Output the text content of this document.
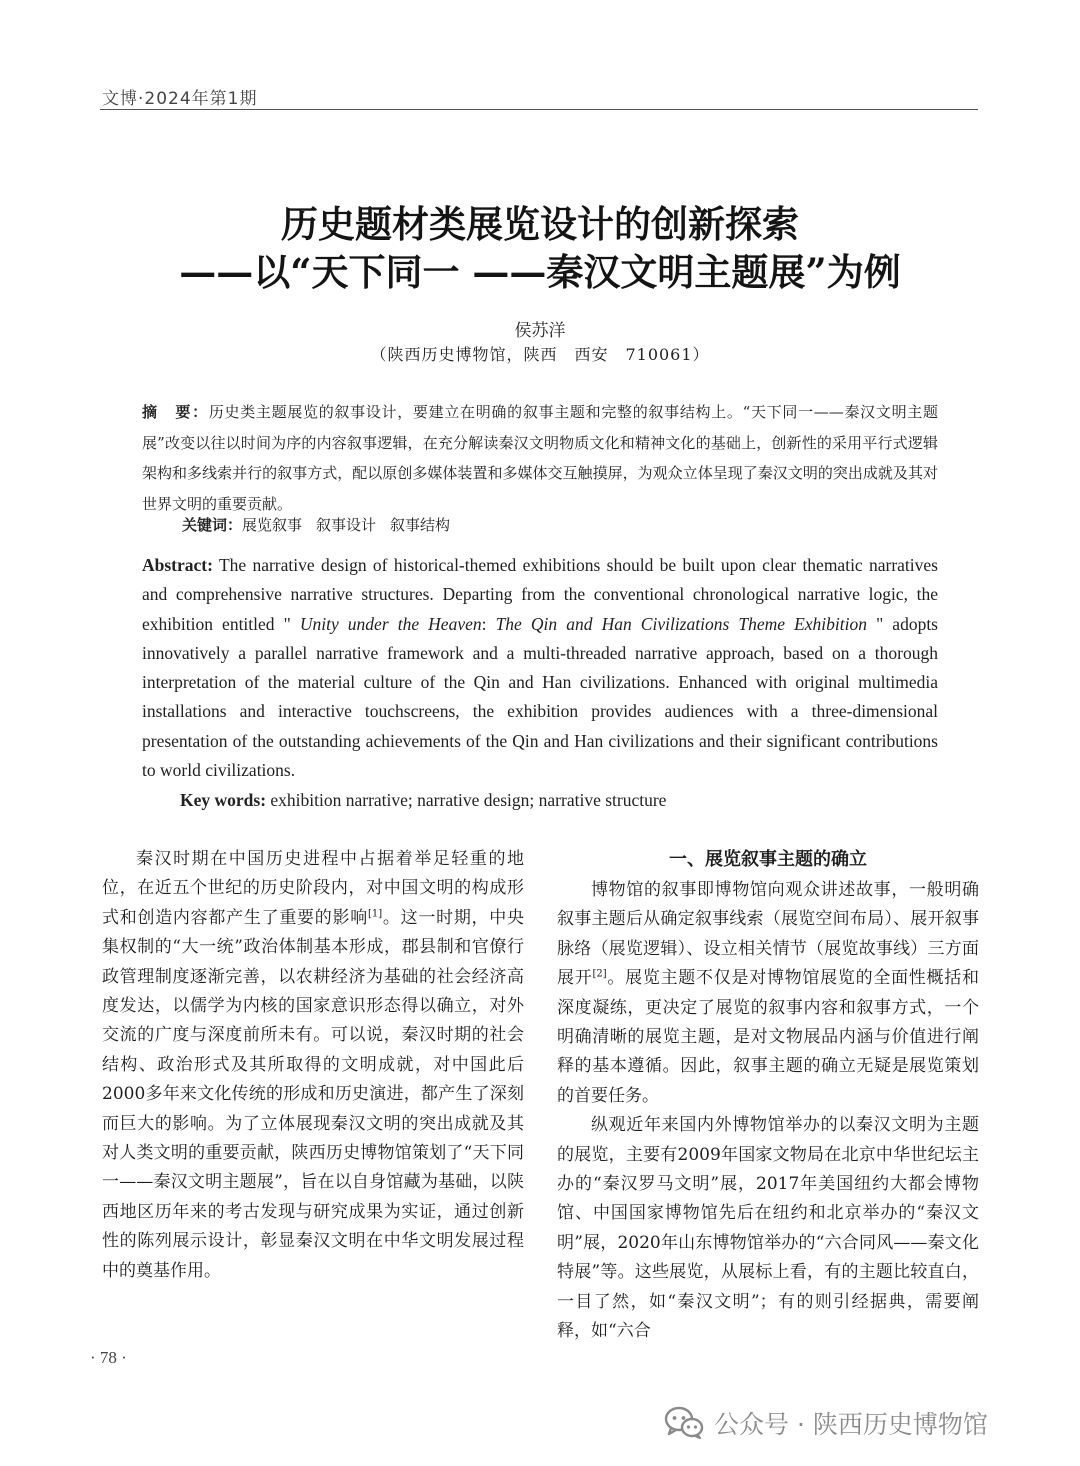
文博·2024年第1期
历史题材类展览设计的创新探索
——以“天下同一 ——秦汉文明主题展”为例
侯苏洋
（陕西历史博物馆，陕西　西安　710061）
摘　要：历史类主题展览的叙事设计，要建立在明确的叙事主题和完整的叙事结构上。“天下同一——秦汉文明主题展”改变以往以时间为序的内容叙事逻辑，在充分解读秦汉文明物质文化和精神文化的基础上，创新性的采用平行式逻辑架构和多线索并行的叙事方式，配以原创多媒体装置和多媒体交互触摸屏，为观众立体呈现了秦汉文明的突出成就及其对世界文明的重要贡献。
关键词：展览叙事 叙事设计 叙事结构
Abstract: The narrative design of historical-themed exhibitions should be built upon clear thematic narratives and comprehensive narrative structures. Departing from the conventional chronological narrative logic, the exhibition entitled " Unity under the Heaven: The Qin and Han Civilizations Theme Exhibition " adopts innovatively a parallel narrative framework and a multi-threaded narrative approach, based on a thorough interpretation of the material culture of the Qin and Han civilizations. Enhanced with original multimedia installations and interactive touchscreens, the exhibition provides audiences with a three-dimensional presentation of the outstanding achievements of the Qin and Han civilizations and their significant contributions to world civilizations.
Key words: exhibition narrative; narrative design; narrative structure

秦汉时期在中国历史进程中占据着举足轻重的地位，在近五个世纪的历史阶段内，对中国文明的构成形式和创造内容都产生了重要的影响[1]。这一时期，中央集权制的“大一统”政治体制基本形成，郡县制和官僚行政管理制度逐渐完善，以农耕经济为基础的社会经济高度发达，以儒学为内核的国家意识形态得以确立，对外交流的广度与深度前所未有。可以说，秦汉时期的社会结构、政治形式及其所取得的文明成就，对中国此后2000多年来文化传统的形成和历史演进，都产生了深刻而巨大的影响。为了立体展现秦汉文明的突出成就及其对人类文明的重要贡献，陕西历史博物馆策划了“天下同一——秦汉文明主题展”，旨在以自身馆藏为基础，以陕西地区历年来的考古发现与研究成果为实证，通过创新性的陈列展示设计，彰显秦汉文明在中华文明发展过程中的奠基作用。

一、展览叙事主题的确立

博物馆的叙事即博物馆向观众讲述故事，一般明确叙事主题后从确定叙事线索（展览空间布局）、展开叙事脉络（展览逻辑）、设立相关情节（展览故事线）三方面展开[2]。展览主题不仅是对博物馆展览的全面性概括和深度凝练，更决定了展览的叙事内容和叙事方式，一个明确清晰的展览主题，是对文物展品内涵与价值进行阐释的基本遵循。因此，叙事主题的确立无疑是展览策划的首要任务。

纵观近年来国内外博物馆举办的以秦汉文明为主题的展览，主要有2009年国家文物局在北京中华世纪坛主办的“秦汉罗马文明”展，2017年美国纽约大都会博物馆、中国国家博物馆先后在纽约和北京举办的“秦汉文明”展，2020年山东博物馆举办的“六合同风——秦文化特展”等。这些展览，从展标上看，有的主题比较直白，一目了然，如“秦汉文明”；有的则引经据典，需要阐释，如“六合

· 78 ·
公众号 · 陕西历史博物馆
